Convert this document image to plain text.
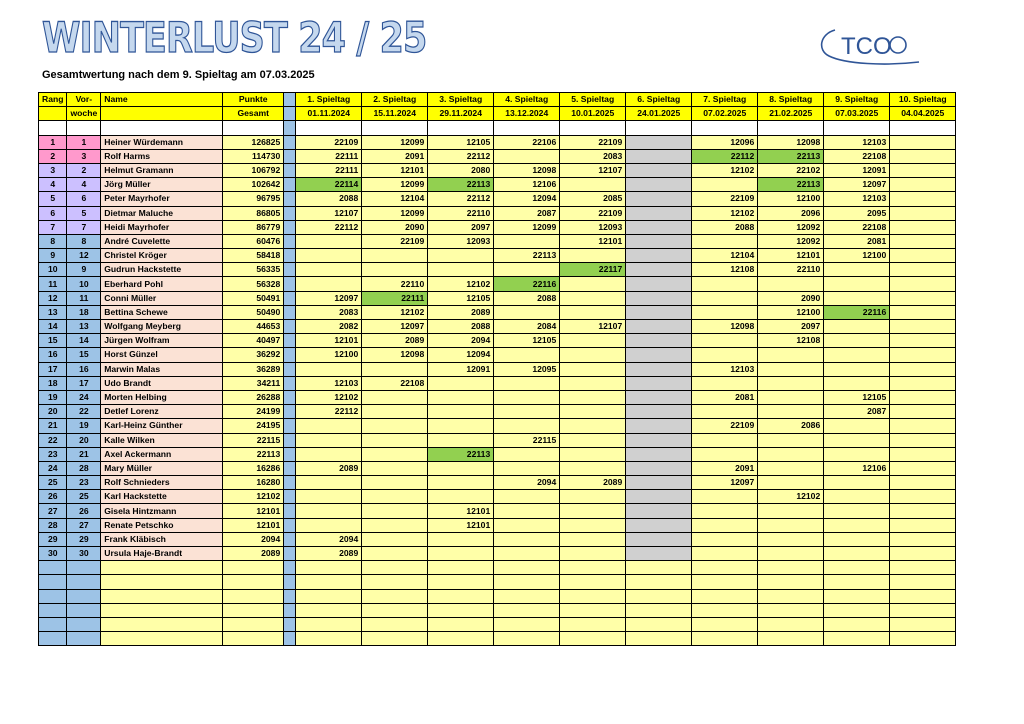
WINTERLUST 24 / 25
Gesamtwertung nach dem 9. Spieltag am 07.03.2025
TCO
Rang	Vor-	Name	Punkte		1. Spieltag	2. Spieltag	3. Spieltag	4. Spieltag	5. Spieltag	6. Spieltag	7. Spieltag	8. Spieltag	9. Spieltag	10. Spieltag
	woche		Gesamt		01.11.2024	15.11.2024	29.11.2024	13.12.2024	10.01.2025	24.01.2025	07.02.2025	21.02.2025	07.03.2025	04.04.2025

1	1	Heiner Würdemann	126825		22109	12099	12105	22106	22109		12096	12098	12103	
2	3	Rolf Harms	114730		22111	2091	22112		2083		22112	22113	22108	
3	2	Helmut Gramann	106792		22111	12101	2080	12098	12107		12102	22102	12091	
4	4	Jörg Müller	102642		22114	12099	22113	12106				22113	12097	
5	6	Peter Mayrhofer	96795		2088	12104	22112	12094	2085		22109	12100	12103	
6	5	Dietmar Maluche	86805		12107	12099	22110	2087	22109		12102	2096	2095	
7	7	Heidi Mayrhofer	86779		22112	2090	2097	12099	12093		2088	12092	22108	
8	8	André Cuvelette	60476			22109	12093		12101			12092	2081	
9	12	Christel Kröger	58418					22113			12104	12101	12100	
10	9	Gudrun Hackstette	56335						22117		12108	22110		
11	10	Eberhard Pohl	56328			22110	12102	22116						
12	11	Conni Müller	50491		12097	22111	12105	2088				2090		
13	18	Bettina Schewe	50490		2083	12102	2089					12100	22116	
14	13	Wolfgang Meyberg	44653		2082	12097	2088	2084	12107		12098	2097		
15	14	Jürgen Wolfram	40497		12101	2089	2094	12105				12108		
16	15	Horst Günzel	36292		12100	12098	12094							
17	16	Marwin Malas	36289				12091	12095			12103			
18	17	Udo Brandt	34211		12103	22108								
19	24	Morten Helbing	26288		12102						2081		12105	
20	22	Detlef Lorenz	24199		22112								2087	
21	19	Karl-Heinz Günther	24195								22109	2086		
22	20	Kalle Wilken	22115					22115						
23	21	Axel Ackermann	22113				22113							
24	28	Mary Müller	16286		2089						2091		12106	
25	23	Rolf Schnieders	16280					2094	2089		12097			
26	25	Karl Hackstette	12102									12102		
27	26	Gisela Hintzmann	12101				12101							
28	27	Renate Petschko	12101				12101							
29	29	Frank Kläbisch	2094		2094									
30	30	Ursula Haje-Brandt	2089		2089									
